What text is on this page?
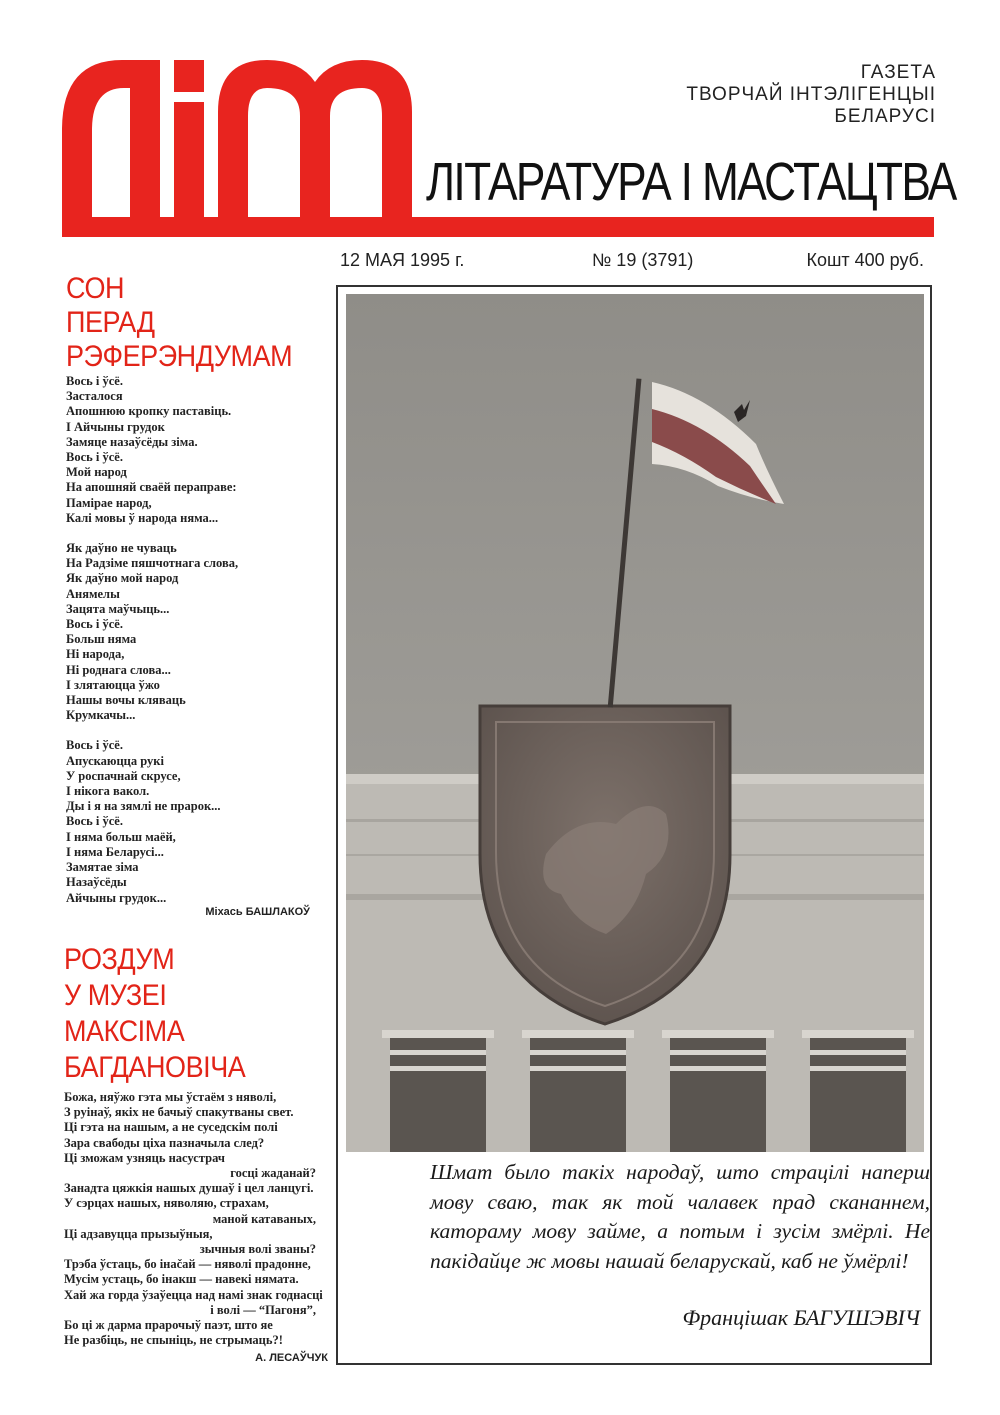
ГАЗЕТА
ТВОРЧАЙ ІНТЭЛІГЕНЦЫІ
БЕЛАРУСІ
ЛІТАРАТУРА І МАСТАЦТВА
12 МАЯ 1995 г.	№ 19 (3791)	Кошт 400 руб.
СОН
ПЕРАД
РЭФЕРЭНДУМАМ
Вось і ўсё.
Засталося
Апошнюю кропку паставіць.
І Айчыны грудок
Замяце назаўсёды зіма.
Вось і ўсё.
Мой народ
На апошняй сваёй пераправе:
Паміраe народ,
Калі мовы ў народа няма...
Як даўно не чуваць
На Радзіме пяшчотнага слова,
Як даўно мой народ
Анямелы
Зацята маўчыць...
Вось і ўсё.
Больш няма
Ні народа,
Ні роднага слова...
І злятаюцца ўжо
Нашы вочы кляваць
Крумкачы...
Вось і ўсё.
Апускаюцца рукі
У роспачнай скрусе,
І нікога вакол.
Ды і я на зямлі не прарок...
Вось і ўсё.
І няма больш маёй,
І няма Беларусі...
Замятае зіма
Назаўсёды
Айчыны грудок...
Міхась БАШЛАКОЎ
РОЗДУМ
У МУЗЕІ
МАКСІМА
БАГДАНОВІЧА
Божа, няўжо гэта мы ўстаём з няволі,
З руінаў, якіх не бачыў спакутваны свет.
Ці гэта на нашым, а не суседскім полі
Зара свабоды ціха пазначыла след?
Ці зможам узняць насустрач
госці жаданай?
Занадта цяжкія нашых душаў і цел ланцугі.
У сэрцах нашых, няволяю, страхам,
маной катаваных,
Ці адзавуцца прызыўныя,
зычныя волі званы?
Трэба ўстаць, бо інačай — няволі прадонне,
Мусім устаць, бо інакш — навекі нямата.
Хай жа горда ўзаўецца над намі знак годнасці
і волі — “Пагоня”,
Бо ці ж дарма прарочыў паэт, што яе
Не разбіць, не спыніць, не стрымаць?!
А. ЛЕСАЎЧУК
Шмат было такіх народаў, што страцілі наперш мову сваю, так як той чалавек прад скананнем, каторaму мову займе, а потым і зусім змёрлі. Не пакідайце ж мовы нашай беларускай, каб не ўмёрлі!
Францішак БАГУШЭВІЧ
